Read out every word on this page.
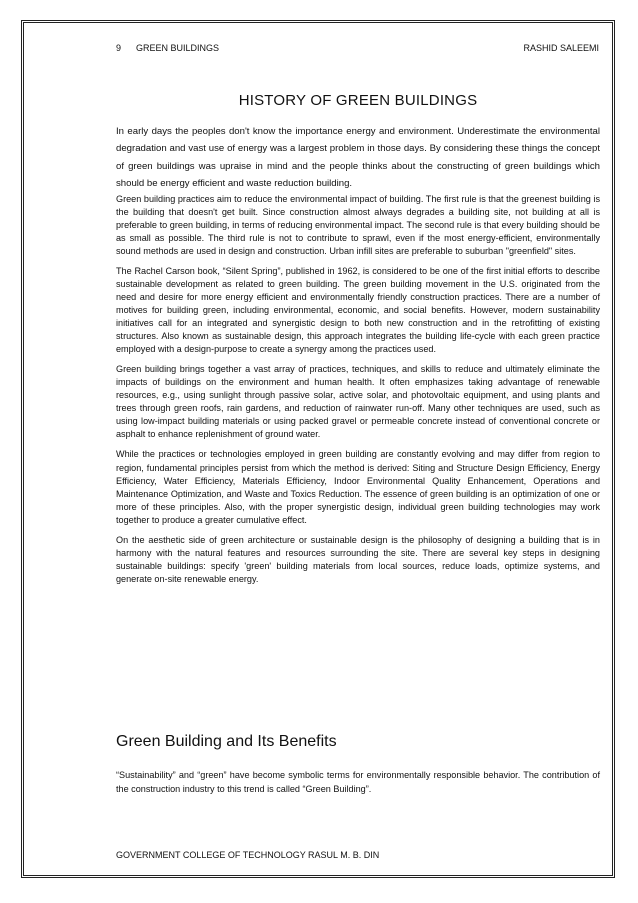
9 GREEN BUILDINGS	RASHID SALEEMI
HISTORY OF GREEN BUILDINGS

In early days the peoples don't know the importance energy and environment. Underestimate the environmental degradation and vast use of energy was a largest problem in those days. By considering these things the concept of green buildings was upraise in mind and the people thinks about the constructing of green buildings which should be energy efficient and waste reduction building.

Green building practices aim to reduce the environmental impact of building. The first rule is that the greenest building is the building that doesn't get built. Since construction almost always degrades a building site, not building at all is preferable to green building, in terms of reducing environmental impact. The second rule is that every building should be as small as possible. The third rule is not to contribute to sprawl, even if the most energy-efficient, environmentally sound methods are used in design and construction. Urban infill sites are preferable to suburban "greenfield" sites.

The Rachel Carson book, “Silent Spring”, published in 1962, is considered to be one of the first initial efforts to describe sustainable development as related to green building. The green building movement in the U.S. originated from the need and desire for more energy efficient and environmentally friendly construction practices. There are a number of motives for building green, including environmental, economic, and social benefits. However, modern sustainability initiatives call for an integrated and synergistic design to both new construction and in the retrofitting of existing structures. Also known as sustainable design, this approach integrates the building life-cycle with each green practice employed with a design-purpose to create a synergy among the practices used.

Green building brings together a vast array of practices, techniques, and skills to reduce and ultimately eliminate the impacts of buildings on the environment and human health. It often emphasizes taking advantage of renewable resources, e.g., using sunlight through passive solar, active solar, and photovoltaic equipment, and using plants and trees through green roofs, rain gardens, and reduction of rainwater run-off. Many other techniques are used, such as using low-impact building materials or using packed gravel or permeable concrete instead of conventional concrete or asphalt to enhance replenishment of ground water.

While the practices or technologies employed in green building are constantly evolving and may differ from region to region, fundamental principles persist from which the method is derived: Siting and Structure Design Efficiency, Energy Efficiency, Water Efficiency, Materials Efficiency, Indoor Environmental Quality Enhancement, Operations and Maintenance Optimization, and Waste and Toxics Reduction. The essence of green building is an optimization of one or more of these principles. Also, with the proper synergistic design, individual green building technologies may work together to produce a greater cumulative effect.

On the aesthetic side of green architecture or sustainable design is the philosophy of designing a building that is in harmony with the natural features and resources surrounding the site. There are several key steps in designing sustainable buildings: specify 'green' building materials from local sources, reduce loads, optimize systems, and generate on-site renewable energy.

Green Building and Its Benefits

“Sustainability” and “green” have become symbolic terms for environmentally responsible behavior. The contribution of the construction industry to this trend is called “Green Building”.

GOVERNMENT COLLEGE OF TECHNOLOGY RASUL M. B. DIN
